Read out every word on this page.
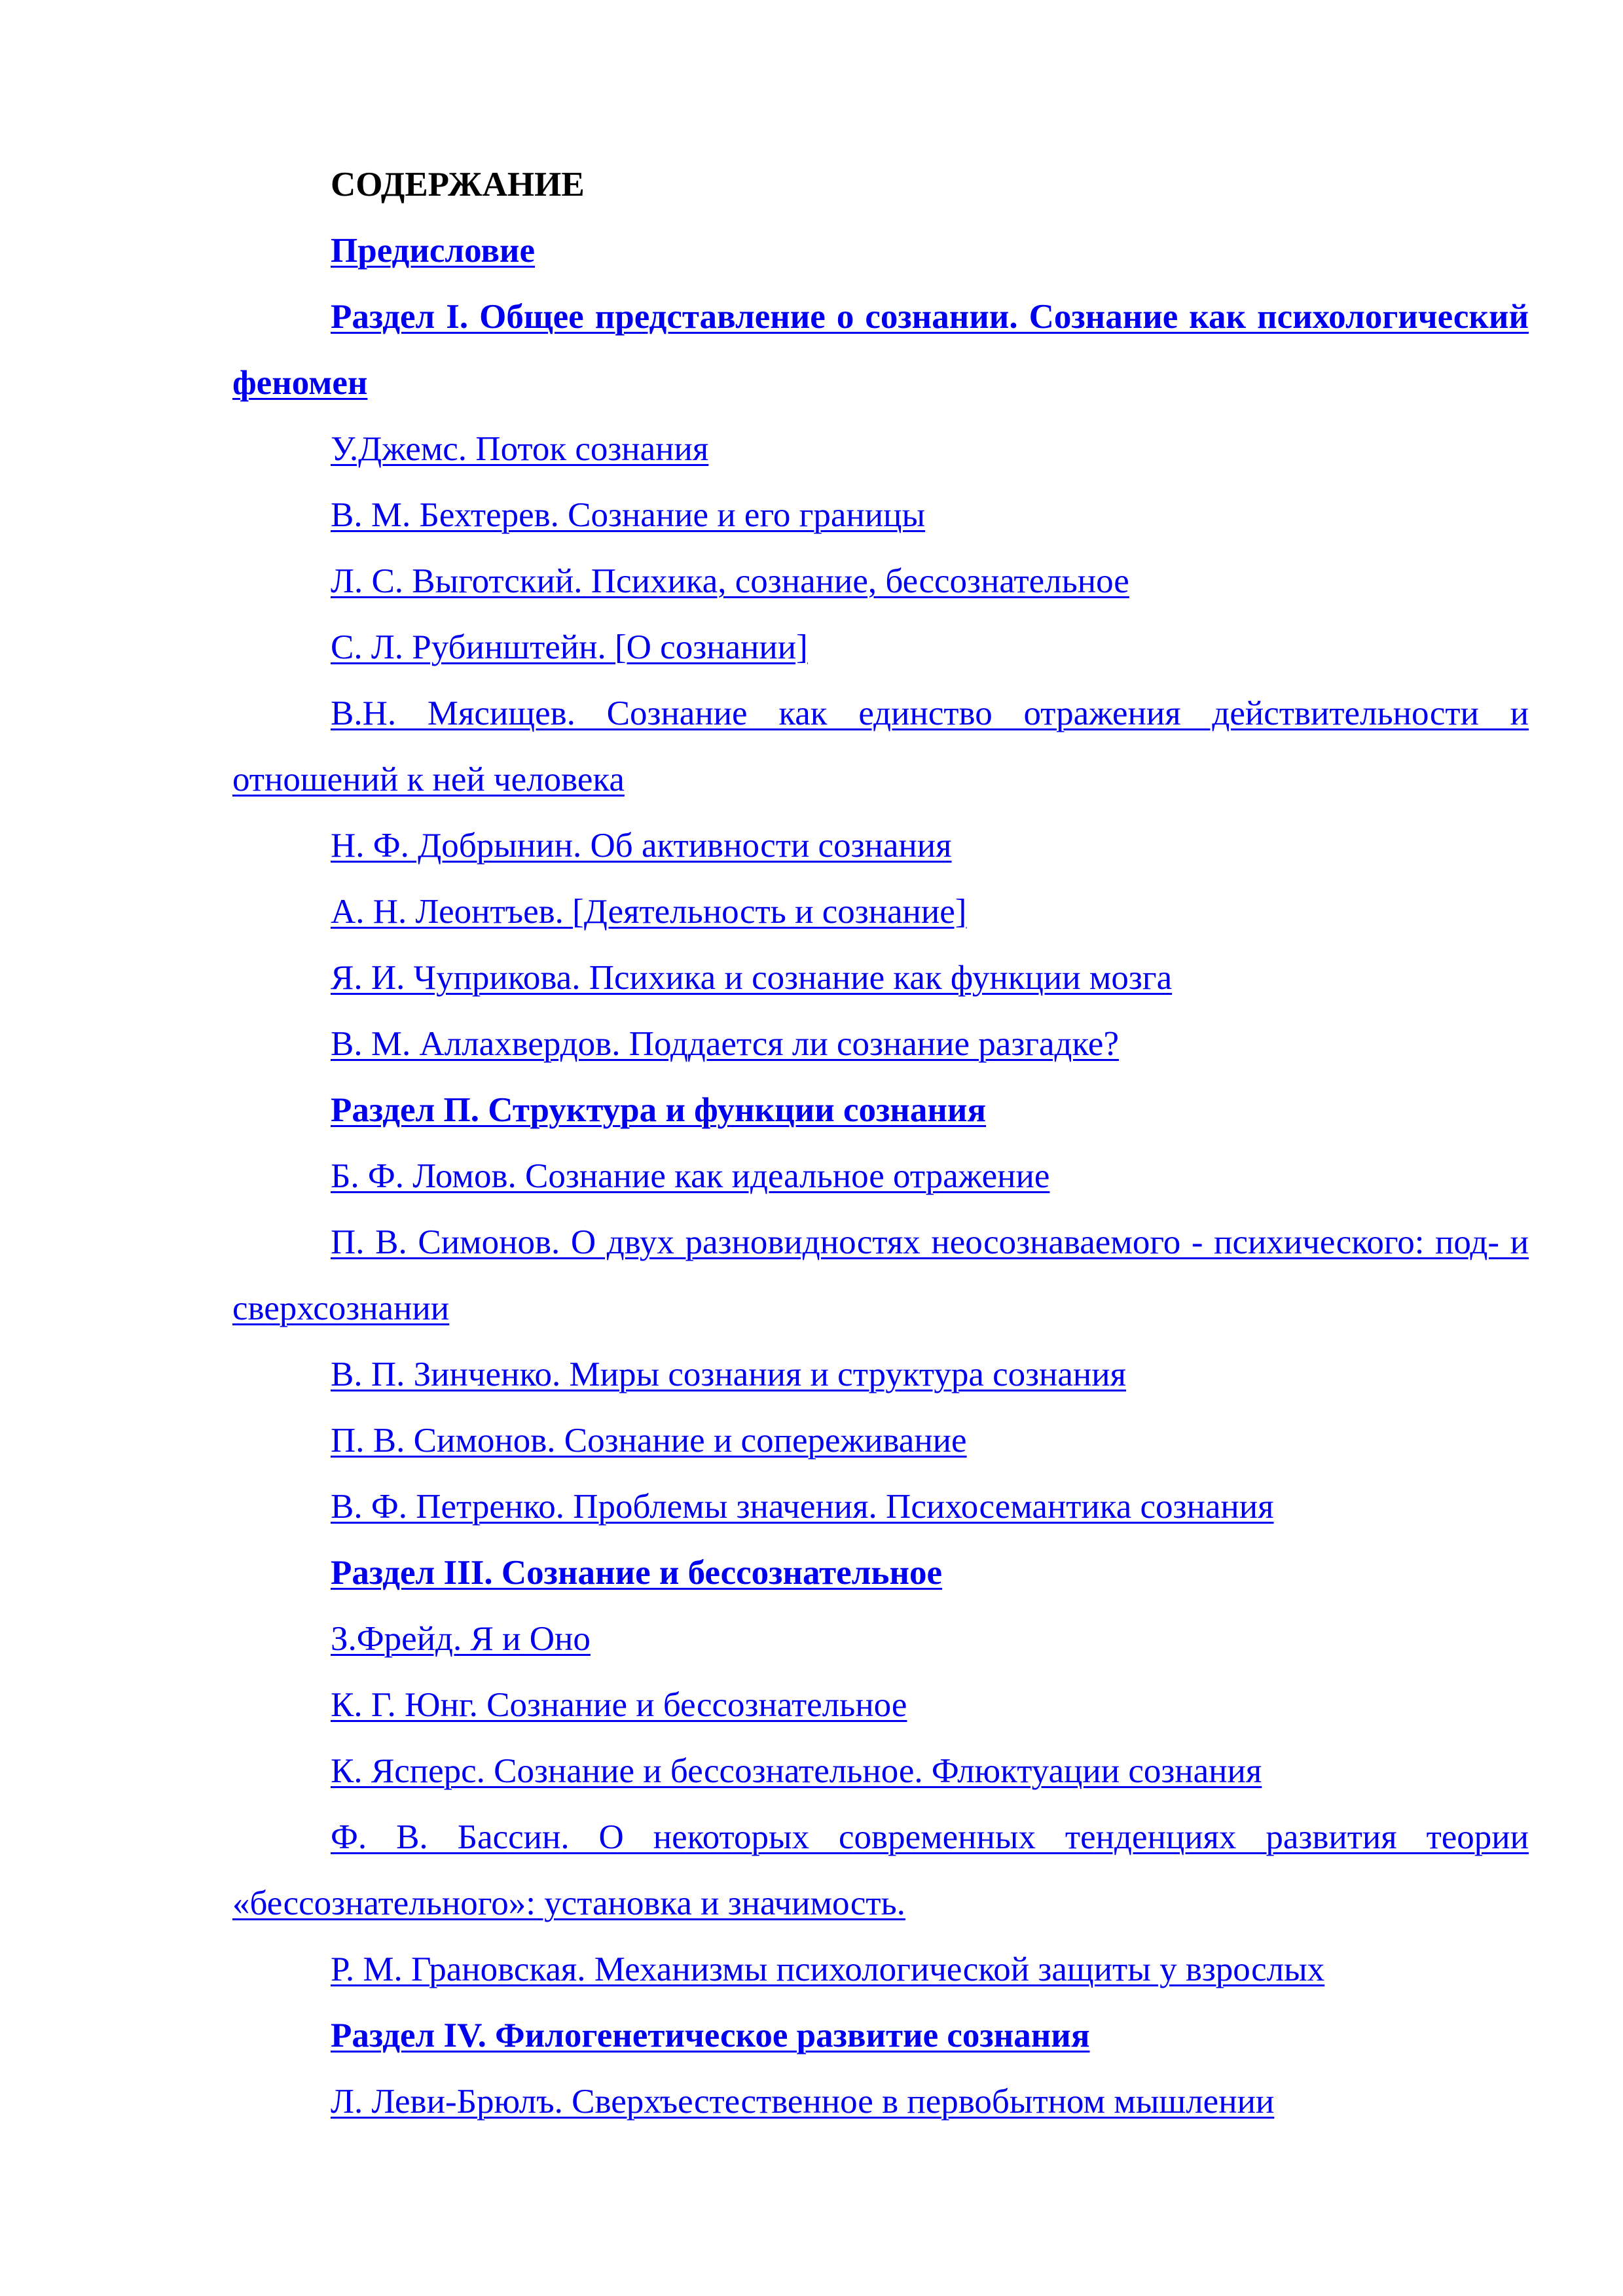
СОДЕРЖАНИЕ

Предисловие

Раздел I. Общее представление о сознании. Сознание как психологический феномен

У.Джемс. Поток сознания

В. М. Бехтерев. Сознание и его границы

Л. С. Выготский. Психика, сознание, бессознательное

С. Л. Рубинштейн. [О сознании]

В.Н. Мясищев. Сознание как единство отражения действительности и отношений к ней человека

Н. Ф. Добрынин. Об активности сознания

А. Н. Леонтъев. [Деятельность и сознание]

Я. И. Чуприкова. Психика и сознание как функции мозга

В. М. Аллахвердов. Поддается ли сознание разгадке?

Раздел П. Структура и функции сознания

Б. Ф. Ломов. Сознание как идеальное отражение

П. В. Симонов. О двух разновидностях неосознаваемого - психического: под- и сверхсознании

В. П. Зинченко. Миры сознания и структура сознания

П. В. Симонов. Сознание и сопереживание

В. Ф. Петренко. Проблемы значения. Психосемантика сознания

Раздел III. Сознание и бессознательное

З.Фрейд. Я и Оно

К. Г. Юнг. Сознание и бессознательное

К. Ясперс. Сознание и бессознательное. Флюктуации сознания

Ф. В. Бассин. О некоторых современных тенденциях развития теории «бессознательного»: установка и значимость.

Р. М. Грановская. Механизмы психологической защиты у взрослых

Раздел IV. Филогенетическое развитие сознания

Л. Леви-Брюлъ. Сверхъестественное в первобытном мышлении
